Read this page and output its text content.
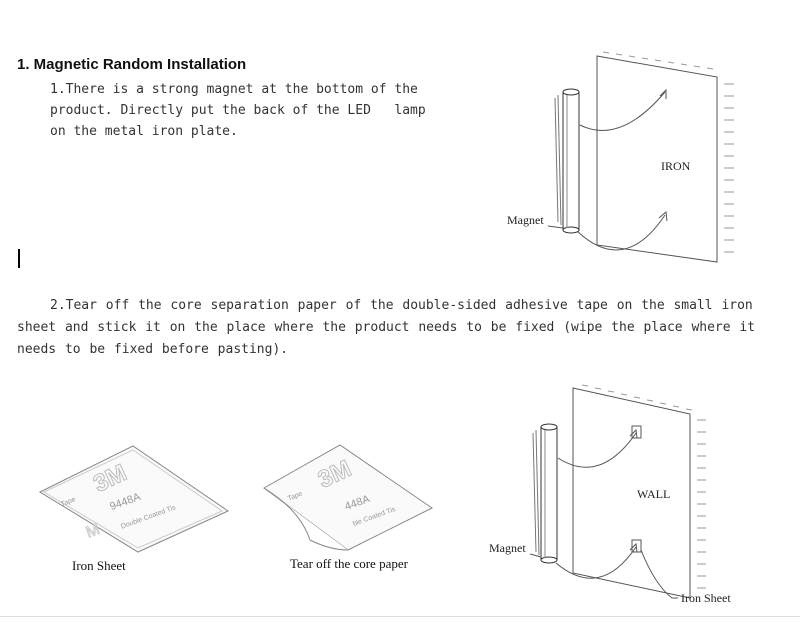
1. Magnetic Random Installation
1.There is a strong magnet at the bottom of the
product. Directly put the back of the LED   lamp
on the metal iron plate.
2.Tear off the core separation paper of the double-sided adhesive tape on the small iron sheet and stick it on the place where the product needs to be fixed (wipe the place where it needs to be fixed before pasting).
IRON
Magnet
3M
9448A
Tape
Double Coated Tis
M
3M
448A
Tape
ble Coated Tis
Iron Sheet	Tear off the core paper
WALL
Magnet
Iron Sheet
